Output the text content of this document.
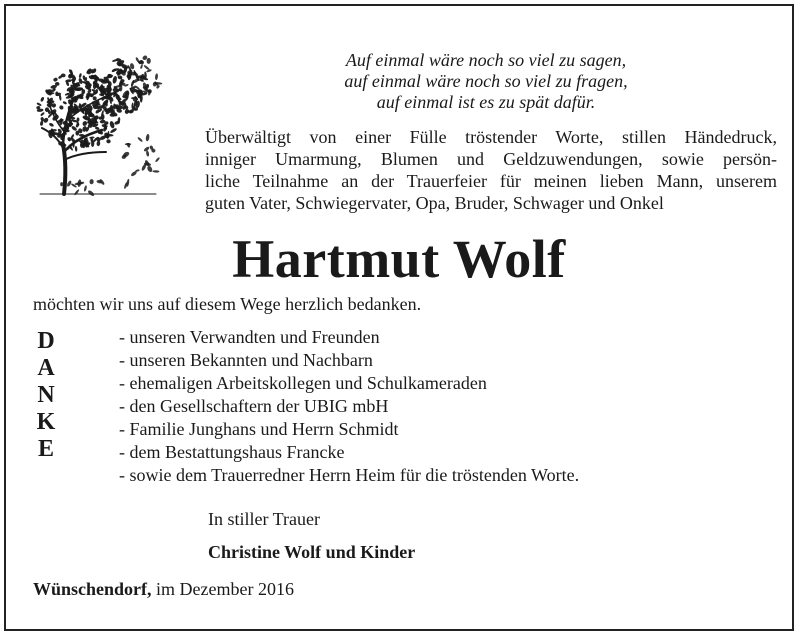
Auf einmal wäre noch so viel zu sagen,
auf einmal wäre noch so viel zu fragen,
auf einmal ist es zu spät dafür.
Überwältigt von einer Fülle tröstender Worte, stillen Händedruck,
inniger Umarmung, Blumen und Geldzuwendungen, sowie persön-
liche Teilnahme an der Trauerfeier für meinen lieben Mann, unserem
guten Vater, Schwiegervater, Opa, Bruder, Schwager und Onkel
Hartmut Wolf
möchten wir uns auf diesem Wege herzlich bedanken.
D
A
N
K
E
- unseren Verwandten und Freunden
- unseren Bekannten und Nachbarn
- ehemaligen Arbeitskollegen und Schulkameraden
- den Gesellschaftern der UBIG mbH
- Familie Junghans und Herrn Schmidt
- dem Bestattungshaus Francke
- sowie dem Trauerredner Herrn Heim für die tröstenden Worte.
In stiller Trauer
Christine Wolf und Kinder
Wünschendorf, im Dezember 2016
